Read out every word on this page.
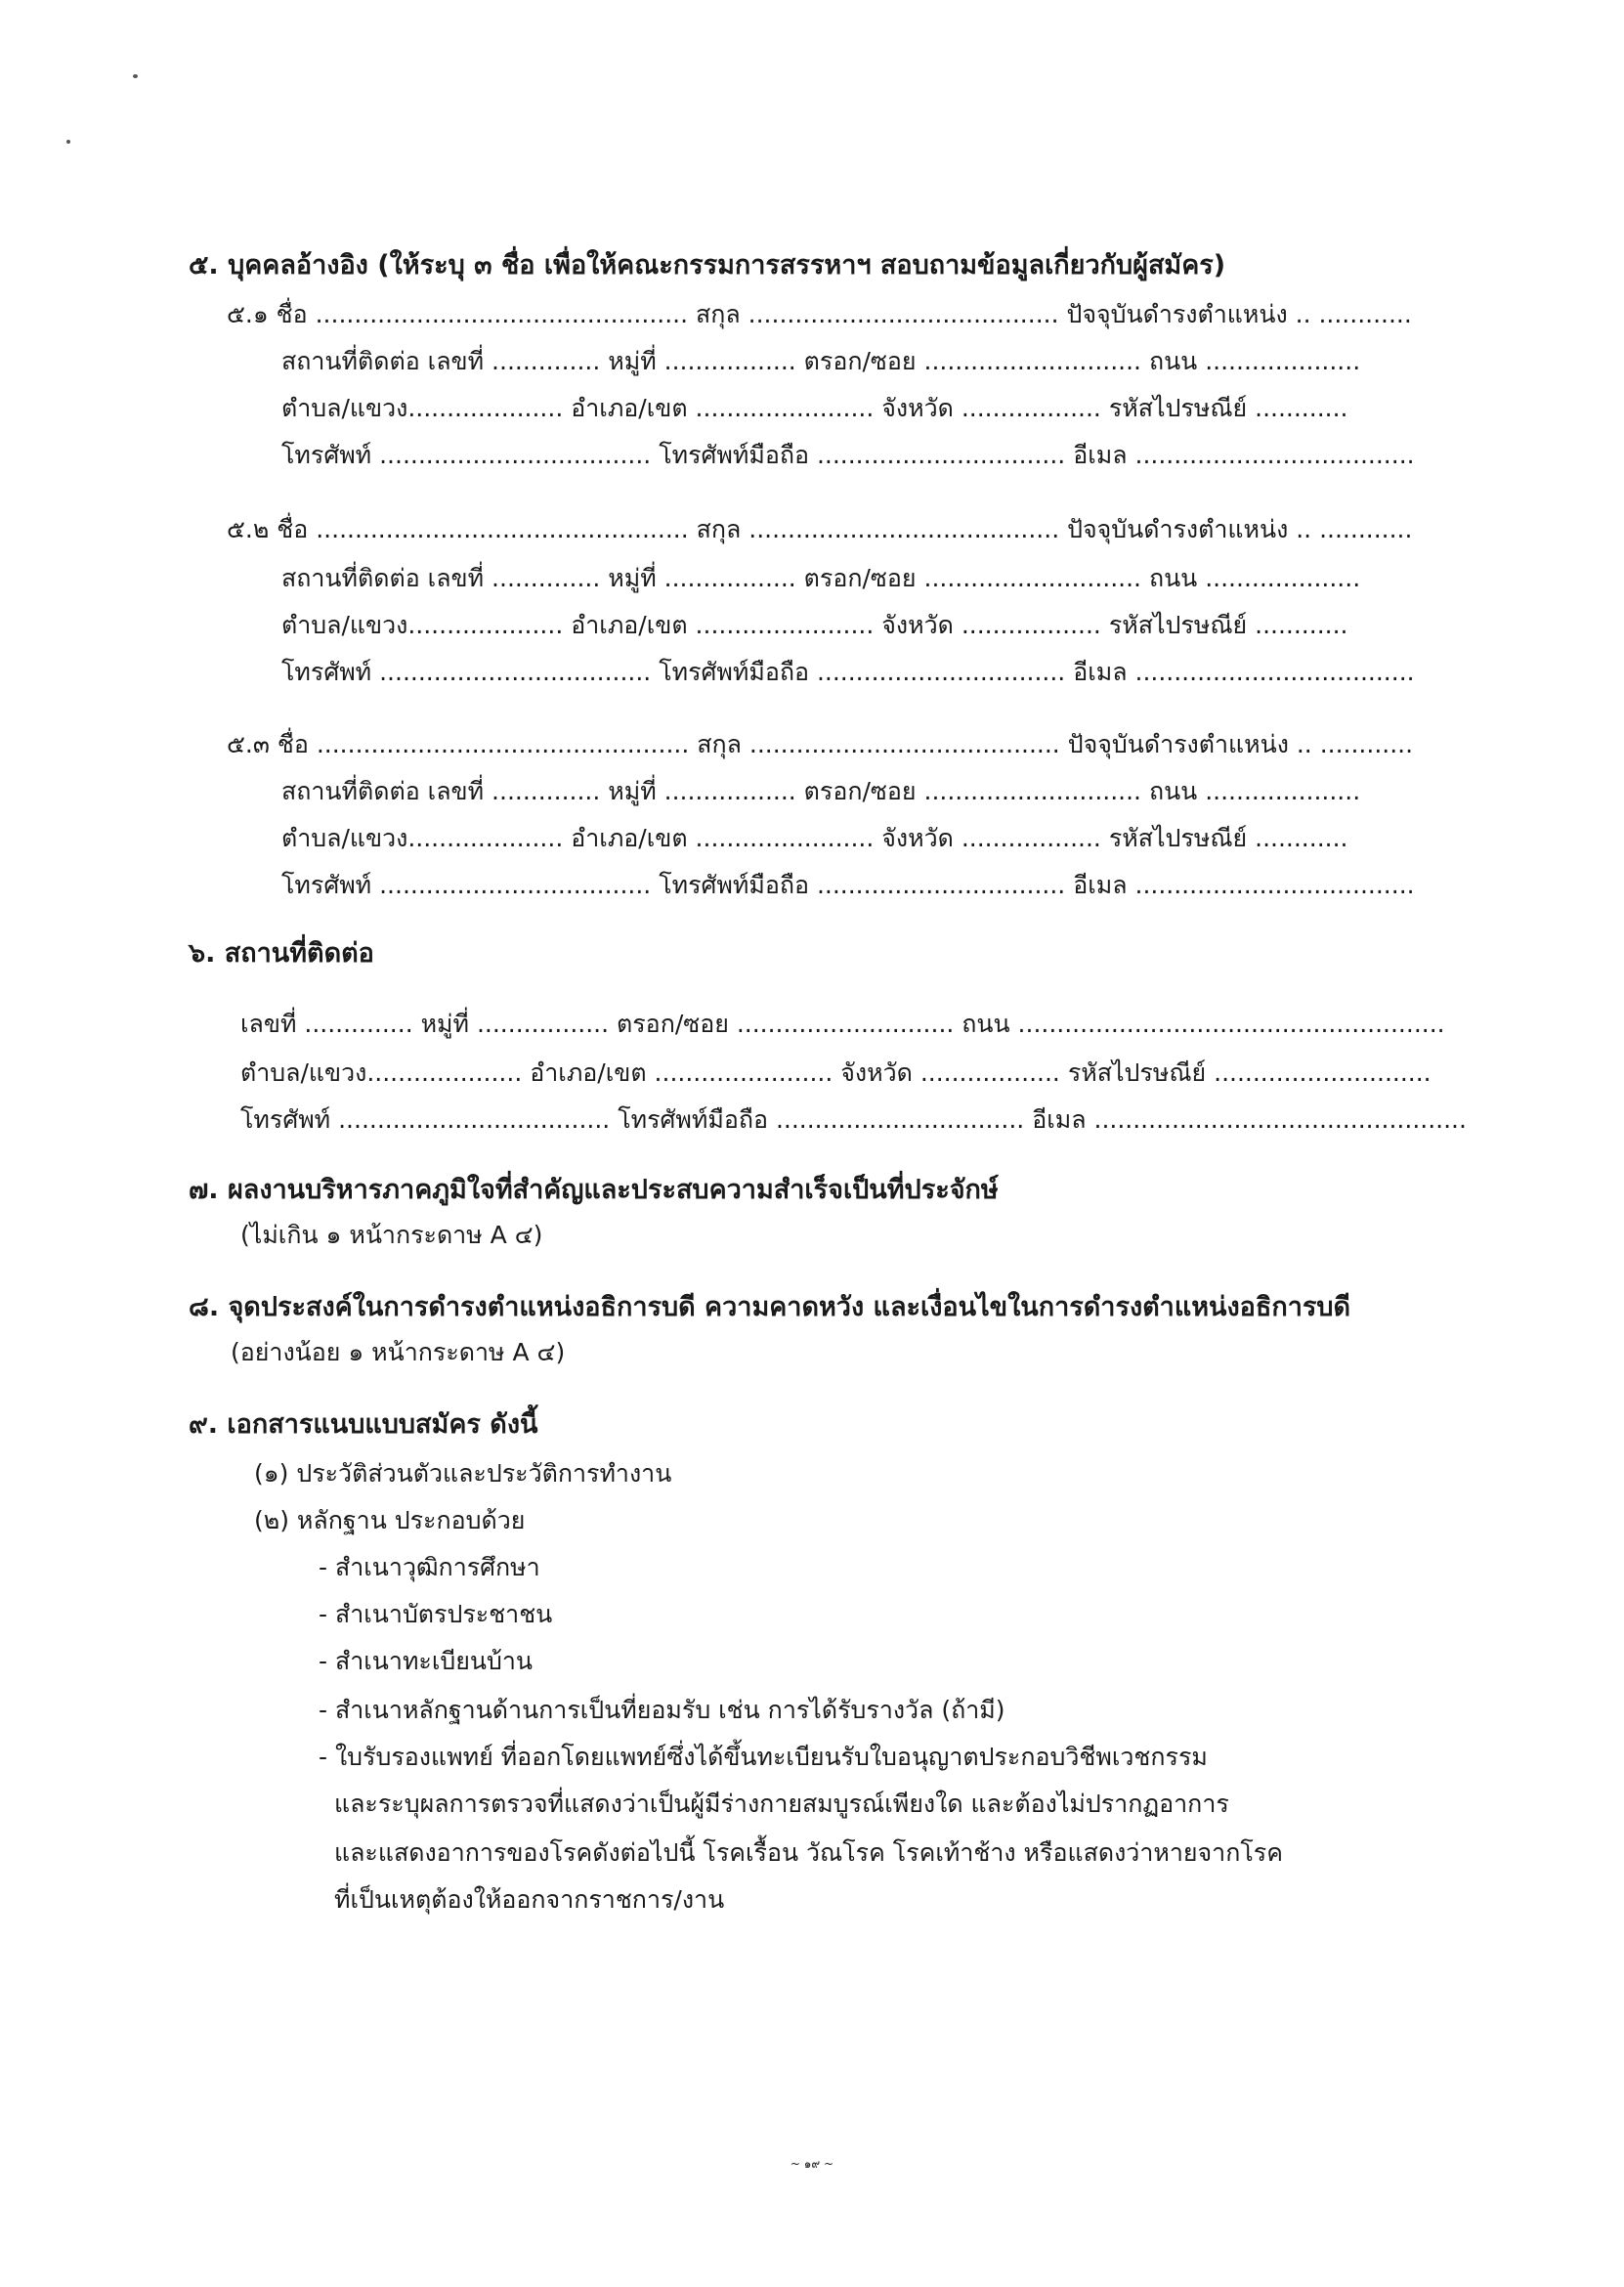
๕. บุคคลอ้างอิง (ให้ระบุ ๓ ชื่อ เพื่อให้คณะกรรมการสรรหาฯ สอบถามข้อมูลเกี่ยวกับผู้สมัคร)
๕.๑ ชื่อ ................................................ สกุล ........................................ ปัจจุบันดำรงตำแหน่ง .. ............
สถานที่ติดต่อ เลขที่ .............. หมู่ที่ ................. ตรอก/ซอย ............................ ถนน ....................
ตำบล/แขวง.................... อำเภอ/เขต ....................... จังหวัด .................. รหัสไปรษณีย์ ............
โทรศัพท์ ................................... โทรศัพท์มือถือ ................................ อีเมล ....................................
๕.๒ ชื่อ ................................................ สกุล ........................................ ปัจจุบันดำรงตำแหน่ง .. ............
สถานที่ติดต่อ เลขที่ .............. หมู่ที่ ................. ตรอก/ซอย ............................ ถนน ....................
ตำบล/แขวง.................... อำเภอ/เขต ....................... จังหวัด .................. รหัสไปรษณีย์ ............
โทรศัพท์ ................................... โทรศัพท์มือถือ ................................ อีเมล ....................................
๕.๓ ชื่อ ................................................ สกุล ........................................ ปัจจุบันดำรงตำแหน่ง .. ............
สถานที่ติดต่อ เลขที่ .............. หมู่ที่ ................. ตรอก/ซอย ............................ ถนน ....................
ตำบล/แขวง.................... อำเภอ/เขต ....................... จังหวัด .................. รหัสไปรษณีย์ ............
โทรศัพท์ ................................... โทรศัพท์มือถือ ................................ อีเมล ....................................
๖. สถานที่ติดต่อ
เลขที่ .............. หมู่ที่ ................. ตรอก/ซอย ............................ ถนน .......................................................
ตำบล/แขวง.................... อำเภอ/เขต ....................... จังหวัด .................. รหัสไปรษณีย์ ............................
โทรศัพท์ ................................... โทรศัพท์มือถือ ................................ อีเมล ................................................
๗. ผลงานบริหารภาคภูมิใจที่สำคัญและประสบความสำเร็จเป็นที่ประจักษ์
(ไม่เกิน ๑ หน้ากระดาษ A ๔)
๘. จุดประสงค์ในการดำรงตำแหน่งอธิการบดี ความคาดหวัง และเงื่อนไขในการดำรงตำแหน่งอธิการบดี
(อย่างน้อย ๑ หน้ากระดาษ A ๔)
๙. เอกสารแนบแบบสมัคร ดังนี้
(๑) ประวัติส่วนตัวและประวัติการทำงาน
(๒) หลักฐาน ประกอบด้วย
- สำเนาวุฒิการศึกษา
- สำเนาบัตรประชาชน
- สำเนาทะเบียนบ้าน
- สำเนาหลักฐานด้านการเป็นที่ยอมรับ เช่น การได้รับรางวัล (ถ้ามี)
- ใบรับรองแพทย์ ที่ออกโดยแพทย์ซึ่งได้ขึ้นทะเบียนรับใบอนุญาตประกอบวิชีพเวชกรรม
และระบุผลการตรวจที่แสดงว่าเป็นผู้มีร่างกายสมบูรณ์เพียงใด และต้องไม่ปรากฏอาการ
และแสดงอาการของโรคดังต่อไปนี้ โรคเรื้อน วัณโรค โรคเท้าช้าง หรือแสดงว่าหายจากโรค
ที่เป็นเหตุต้องให้ออกจากราชการ/งาน
~ ๑๙ ~
